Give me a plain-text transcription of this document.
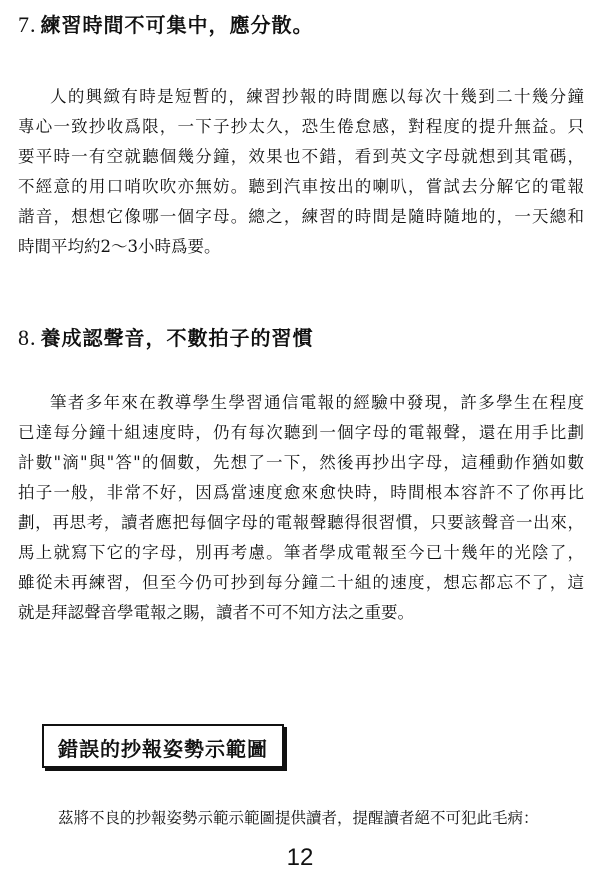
7. 練習時間不可集中，應分散。
人的興緻有時是短暫的，練習抄報的時間應以每次十幾到二十幾分鐘
專心一致抄收爲限，一下子抄太久，恐生倦怠感，對程度的提升無益。只
要平時一有空就聽個幾分鐘，效果也不錯，看到英文字母就想到其電碼，
不經意的用口哨吹吹亦無妨。聽到汽車按出的喇叭，嘗試去分解它的電報
諧音，想想它像哪一個字母。總之，練習的時間是隨時隨地的，一天總和
時間平均約2～3小時爲要。
8. 養成認聲音，不數拍子的習慣
筆者多年來在教導學生學習通信電報的經驗中發現，許多學生在程度
已達每分鐘十組速度時，仍有每次聽到一個字母的電報聲，還在用手比劃
計數"滴"與"答"的個數，先想了一下，然後再抄出字母，這種動作猶如數
拍子一般，非常不好，因爲當速度愈來愈快時，時間根本容許不了你再比
劃，再思考，讀者應把每個字母的電報聲聽得很習慣，只要該聲音一出來，
馬上就寫下它的字母，別再考慮。筆者學成電報至今已十幾年的光陰了，
雖從未再練習，但至今仍可抄到每分鐘二十組的速度，想忘都忘不了，這
就是拜認聲音學電報之賜，讀者不可不知方法之重要。
錯誤的抄報姿勢示範圖
茲將不良的抄報姿勢示範示範圖提供讀者，提醒讀者絕不可犯此毛病：
12
